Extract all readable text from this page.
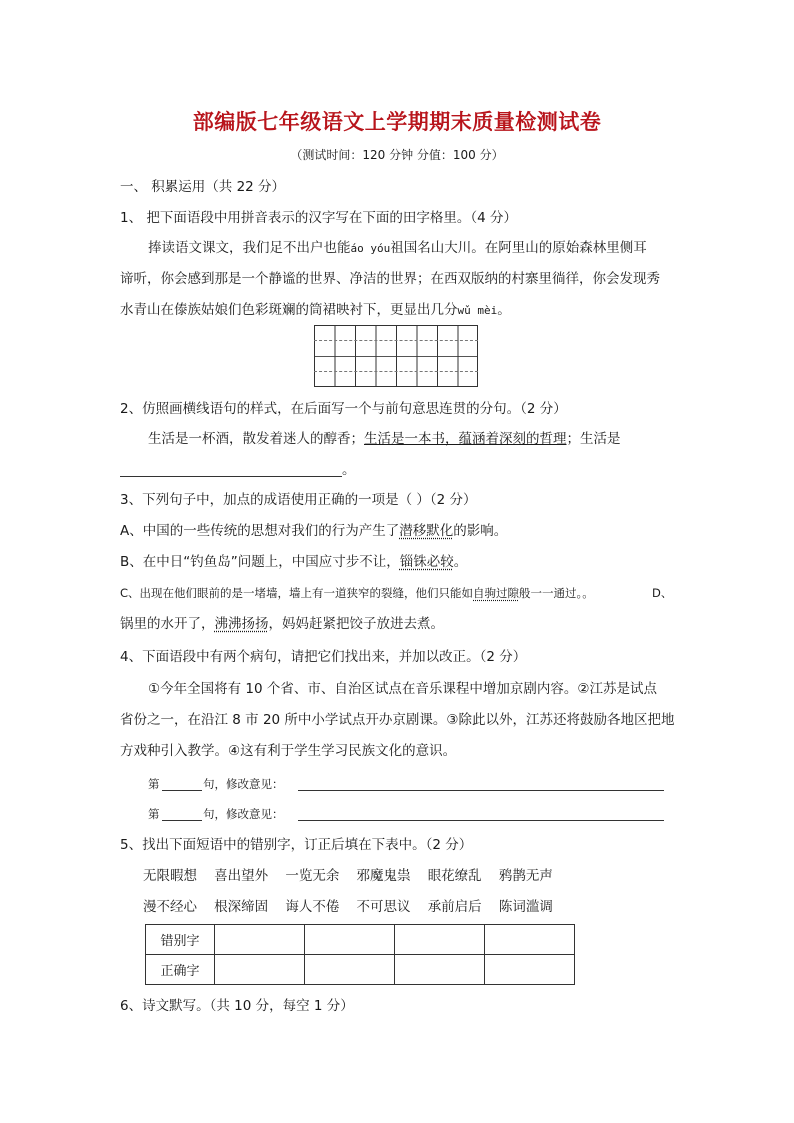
部编版七年级语文上学期期末质量检测试卷
（测试时间：120 分钟 分值：100 分）
一、 积累运用（共 22 分）
1、 把下面语段中用拼音表示的汉字写在下面的田字格里。（4 分）
捧读语文课文，我们足不出户也能áo yóu祖国名山大川。在阿里山的原始森林里侧耳
谛听，你会感到那是一个静谧的世界、净洁的世界；在西双版纳的村寨里徜徉，你会发现秀
水青山在傣族姑娘们色彩斑斓的筒裙映衬下，更显出几分wǔ mèi。
2、仿照画横线语句的样式，在后面写一个与前句意思连贯的分句。（2 分）
生活是一杯酒，散发着迷人的醇香；生活是一本书，蕴涵着深刻的哲理；生活是
。
3、下列句子中，加点的成语使用正确的一项是（ ）（2 分）
A、中国的一些传统的思想对我们的行为产生了潜移默化的影响。
B、在中日“钓鱼岛”问题上，中国应寸步不让，锱铢必较。
C、出现在他们眼前的是一堵墙，墙上有一道狭窄的裂缝，他们只能如自驹过隙般一一通过。。	D、
锅里的水开了，沸沸扬扬，妈妈赶紧把饺子放进去煮。
4、下面语段中有两个病句，请把它们找出来，并加以改正。（2 分）
①今年全国将有 10 个省、市、自治区试点在音乐课程中增加京剧内容。②江苏是试点
省份之一，在沿江 8 市 20 所中小学试点开办京剧课。③除此以外，江苏还将鼓励各地区把地
方戏种引入教学。④这有利于学生学习民族文化的意识。
第	句，修改意见：
第	句，修改意见：
5、找出下面短语中的错别字，订正后填在下表中。（2 分）
无限暇想 喜出望外 一览无余 邪魔鬼祟 眼花缭乱 鸦鹊无声
漫不经心 根深缔固 诲人不倦 不可思议 承前启后 陈词滥调
错别字				
正确字				
6、诗文默写。（共 10 分，每空 1 分）
